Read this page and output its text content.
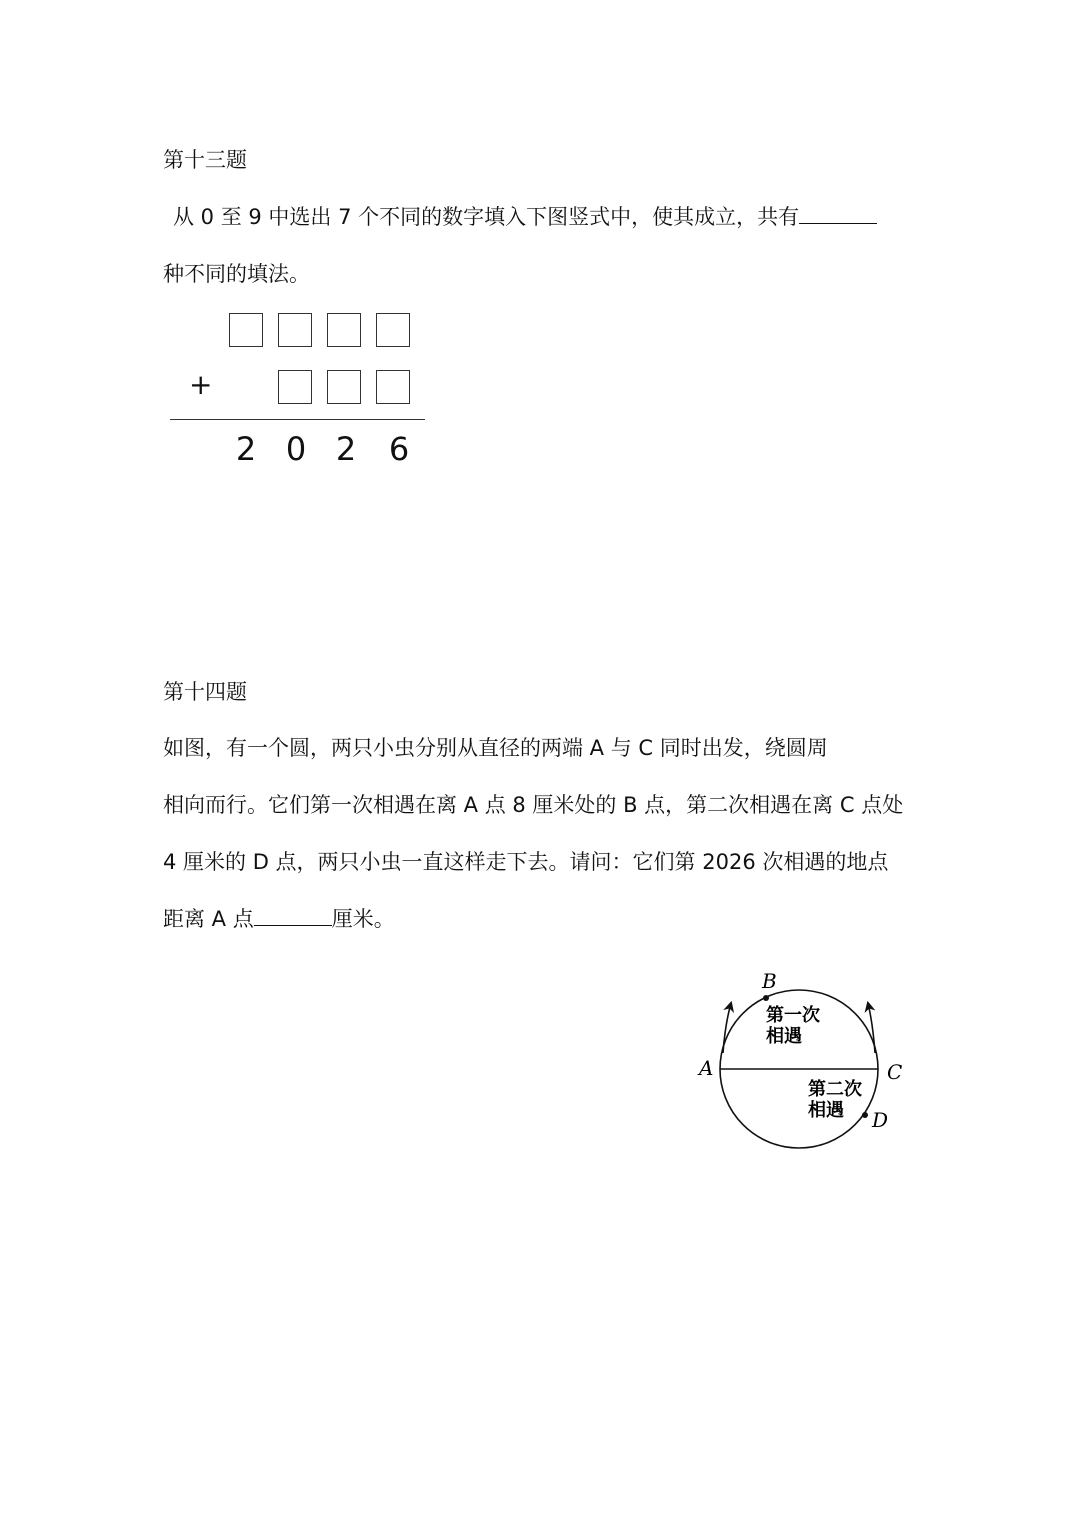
第十三题
从 0 至 9 中选出 7 个不同的数字填入下图竖式中，使其成立，共有
种不同的填法。
+
2 0 2 6
第十四题
如图，有一个圆，两只小虫分别从直径的两端 A 与 C 同时出发，绕圆周
相向而行。它们第一次相遇在离 A 点 8 厘米处的 B 点，第二次相遇在离 C 点处
4 厘米的 D 点，两只小虫一直这样走下去。请问：它们第 2026 次相遇的地点
距离 A 点	厘米。
A
B
C
D
第一次
相遇
第二次
相遇
